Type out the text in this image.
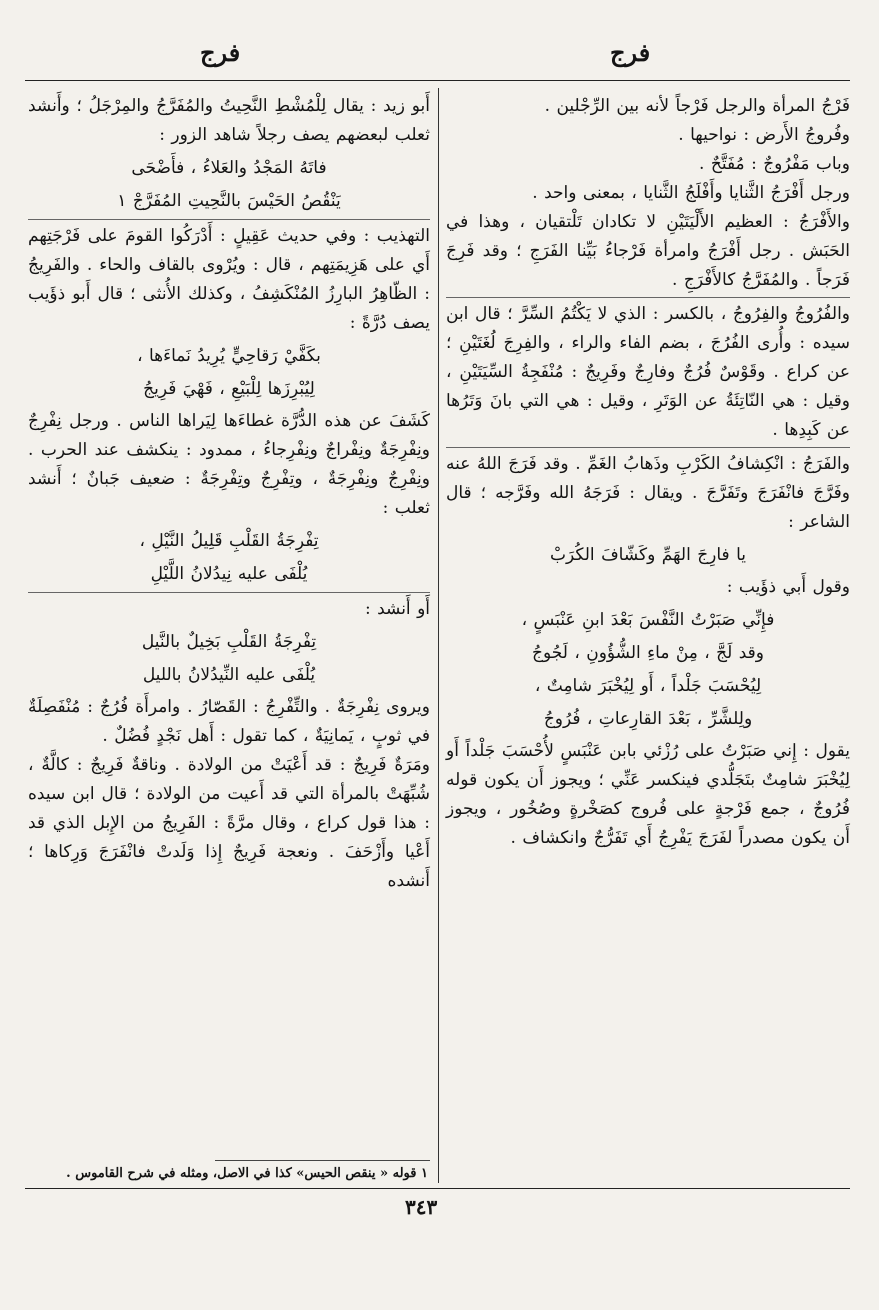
فرج
فرج

فَرْجُ المرأة والرجل فَرْجاً لأنه بين الرِّجْلين .

وفُروجُ الأَرض : نواحيها .

وباب مَفْرُوجٌ : مُفَتَّحٌ .

ورجل أَفْرَجُ الثَّنايا وأَفْلَجُ الثَّنايا ، بمعنى واحد .

والأَفْرَجُ : العظيم الأَلْيَتَيْنِ لا تكادان تَلْتقيان ، وهذا في الحَبَش . رجل أَفْرَجُ وامرأة فَرْجاءُ بَيِّنا الفَرَجِ ؛ وقد فَرِجَ فَرَجاً . والمُفَرَّجُ كالأَفْرَجِ .

والفُرُوجُ والفِرُوجُ ، بالكسر : الذي لا يَكْتُمُ السِّرَّ ؛ قال ابن سيده : وأُرى الفُرُجَ ، بضم الفاء والراء ، والفِرِجَ لُغَتَيْنِ ؛ عن كراع . وقَوْسٌ فُرُجٌ وفارِجٌ وفَرِيجٌ : مُنْفَجِةُ السِّيَتَيْنِ ، وقيل : هي النّاتِئَةُ عن الوَتَرِ ، وقيل : هي التي بانَ وَتَرُها عن كَبِدِها .

والفَرَجُ : انْكِشافُ الكَرْبِ وذَهابُ الغَمِّ . وقد فَرَجَ اللهُ عنه وفَرَّجَ فانْفَرَجَ وتَفَرَّجَ . ويقال : فَرَجَهُ الله وفَرَّجه ؛ قال الشاعر :

يا فارِجَ الهَمِّ وكَشّافَ الكُرَبْ

وقول أَبي ذؤَيب :

فإِنِّي صَبَرْتُ النَّفْسَ بَعْدَ ابنِ عَنْبَسٍ ،

وقد لَجَّ ، مِنْ ماءِ الشُّؤُونِ ، لَجُوجُ

لِيُحْسَبَ جَلْداً ، أَو لِيُخْبَرَ شامِتٌ ،

ولِلشَّرِّ ، بَعْدَ القارِعاتِ ، فُرُوجُ

يقول : إِني صَبَرْتُ على رُزْئي بابن عَنْبَسٍ لأُحْسَبَ جَلْداً أَو لِيُخْبَرَ شامِتٌ بتَجَلُّدي فينكسر عَنِّي ؛ ويجوز أَن يكون قوله فُرُوجٌ ، جمع فَرْجةٍ على فُروج كصَخْرةٍ وصُخُور ، ويجوز أَن يكون مصدراً لفَرَجَ يَفْرِجُ أَي تَفَرُّجٌ وانكشاف .

أَبو زيد : يقال لِلْمُشْطِ النَّحِيتُ والمُفَرَّجُ والمِرْجَلُ ؛ وأَنشد ثعلب لبعضهم يصف رجلاً شاهد الزور :

فاتَهُ المَجْدُ والعَلاءُ ، فأَضْحَى

يَنْقُصُ الحَيْسَ بالنَّحِيتِ المُفَرَّجْ ١

التهذيب : وفي حديث عَقِيلٍ : أَدْرَكُوا القومَ على فَرْجَتِهم أَي على هَزِيمَتِهم ، قال : ويُرْوى بالقاف والحاء . والفَرِيجُ : الظّاهِرُ البارِزُ المُنْكَشِفُ ، وكذلك الأُنثى ؛ قال أَبو ذؤَيب يصف دُرَّةً :

بكَفَّيْ رَقاحِيٍّ يُرِيدُ نَماءَها ،

لِيُبْرِزَها لِلْبَيْعِ ، فَهْيَ فَرِيجُ

كَشَفَ عن هذه الدُّرَّة غطاءَها لِيَراها الناس . ورجل نِفْرِجٌ ونِفْرِجَةٌ ونِفْراجٌ ونِفْرِجاءُ ، ممدود : ينكشف عند الحرب . ونِفْرِجٌ ونِفْرِجَةٌ ، وتِفْرِجٌ وتِفْرِجَةٌ : ضعيف جَبانٌ ؛ أَنشد ثعلب :

تِفْرِجَةُ القَلْبِ قَلِيلُ النَّيْلِ ،

يُلْفَى عليه نِيدُلانُ اللَّيْلِ

أَو أَنشد :

تِفْرِجَةُ القَلْبِ بَخِيلٌ بالنَّيل

يُلْفَى عليه النِّيدُلانُ بالليل

ويروى نِفْرِجَةٌ . والتِّفْرِجُ : القَصّارُ . وامرأَة فُرُجٌ : مُنْفَصِلَةٌ في ثوبٍ ، يَمانِيَةٌ ، كما تقول : أَهل نَجْدٍ فُضُلٌ .

ومَرَةٌ فَرِيجٌ : قد أَعْيَتْ من الولادة . وناقةٌ فَرِيجٌ : كالَّةٌ ، شُبِّهَتْ بالمرأة التي قد أَعيت من الولادة ؛ قال ابن سيده : هذا قول كراع ، وقال مرَّةً : الفَرِيجُ من الإِبل الذي قد أَعْيا وأَزْحَفَ . ونعجة فَرِيجٌ إِذا وَلَدتْ فانْفَرَجَ وَرِكاها ؛ أَنشده

١ قوله « ينقص الحيس» كذا في الاصل، ومثله في شرح القاموس .
٣٤٣
